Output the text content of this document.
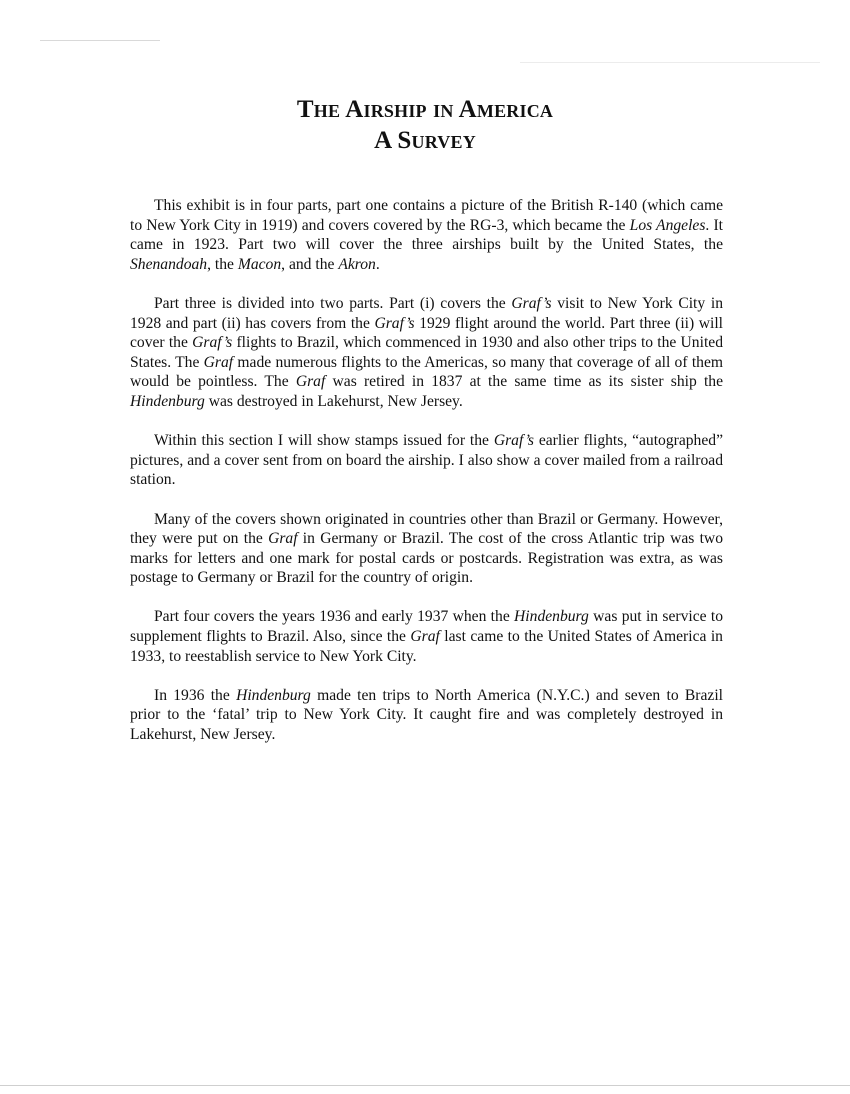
The Airship in America
A Survey

This exhibit is in four parts, part one contains a picture of the British R-140 (which came to New York City in 1919) and covers covered by the RG-3, which became the Los Angeles. It came in 1923. Part two will cover the three airships built by the United States, the Shenandoah, the Macon, and the Akron.

Part three is divided into two parts. Part (i) covers the Graf’s visit to New York City in 1928 and part (ii) has covers from the Graf’s 1929 flight around the world. Part three (ii) will cover the Graf’s flights to Brazil, which commenced in 1930 and also other trips to the United States. The Graf made numerous flights to the Americas, so many that coverage of all of them would be pointless. The Graf was retired in 1837 at the same time as its sister ship the Hindenburg was destroyed in Lakehurst, New Jersey.

Within this section I will show stamps issued for the Graf’s earlier flights, “autographed” pictures, and a cover sent from on board the airship. I also show a cover mailed from a railroad station.

Many of the covers shown originated in countries other than Brazil or Germany. However, they were put on the Graf in Germany or Brazil. The cost of the cross Atlantic trip was two marks for letters and one mark for postal cards or postcards. Registration was extra, as was postage to Germany or Brazil for the country of origin.

Part four covers the years 1936 and early 1937 when the Hindenburg was put in service to supplement flights to Brazil. Also, since the Graf last came to the United States of America in 1933, to reestablish service to New York City.

In 1936 the Hindenburg made ten trips to North America (N.Y.C.) and seven to Brazil prior to the ‘fatal’ trip to New York City. It caught fire and was completely destroyed in Lakehurst, New Jersey.
